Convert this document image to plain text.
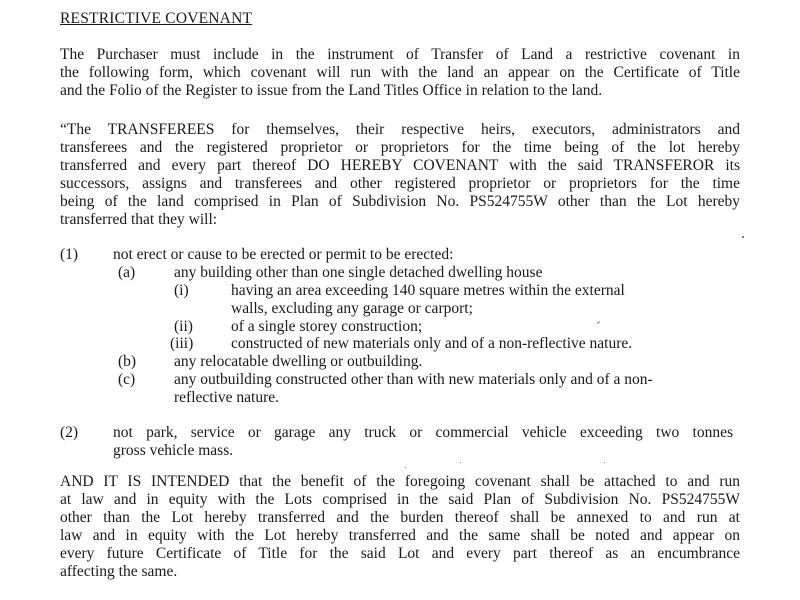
RESTRICTIVE COVENANT
The Purchaser must include in the instrument of Transfer of Land a restrictive covenant in
the following form, which covenant will run with the land an appear on the Certificate of Title
and the Folio of the Register to issue from the Land Titles Office in relation to the land.
“The TRANSFEREES for themselves, their respective heirs, executors, administrators and
transferees and the registered proprietor or proprietors for the time being of the lot hereby
transferred and every part thereof DO HEREBY COVENANT with the said TRANSFEROR its
successors, assigns and transferees and other registered proprietor or proprietors for the time
being of the land comprised in Plan of Subdivision No. PS524755W other than the Lot hereby
transferred that they will:
(1) not erect or cause to be erected or permit to be erected:
(a)	any building other than one single detached dwelling house
(i)	having an area exceeding 140 square metres within the external
walls, excluding any garage or carport;
(ii) of a single storey construction;
(iii) constructed of new materials only and of a non-reflective nature.
(b) any relocatable dwelling or outbuilding.
(c)	any outbuilding constructed other than with new materials only and of a non-
reflective nature.
(2) not park, service or garage any truck or commercial vehicle exceeding two tonnes
gross vehicle mass.
AND IT IS INTENDED that the benefit of the foregoing covenant shall be attached to and run
at law and in equity with the Lots comprised in the said Plan of Subdivision No. PS524755W
other than the Lot hereby transferred and the burden thereof shall be annexed to and run at
law and in equity with the Lot hereby transferred and the same shall be noted and appear on
every future Certificate of Title for the said Lot and every part thereof as an encumbrance
affecting the same.
